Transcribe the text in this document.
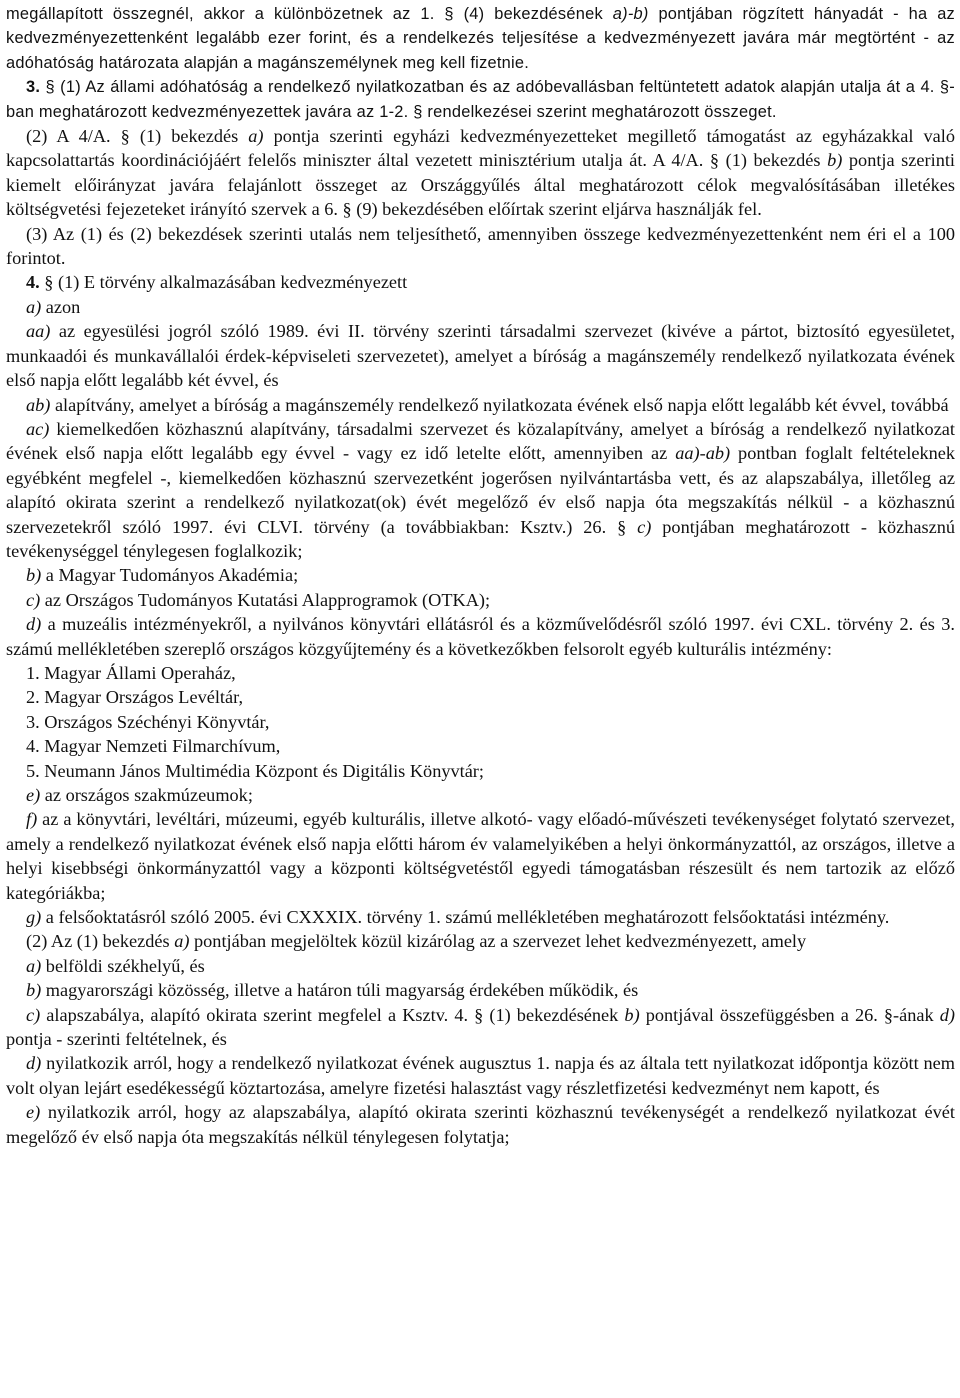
megállapított összegnél, akkor a különbözetnek az 1. § (4) bekezdésének a)-b) pontjában rögzített hányadát - ha az kedvezményezettenként legalább ezer forint, és a rendelkezés teljesítése a kedvezményezett javára már megtörtént - az adóhatóság határozata alapján a magánszemélynek meg kell fizetnie.

3. § (1) Az állami adóhatóság a rendelkező nyilatkozatban és az adóbevallásban feltüntetett adatok alapján utalja át a 4. §-ban meghatározott kedvezményezettek javára az 1-2. § rendelkezései szerint meghatározott összeget.

(2) A 4/A. § (1) bekezdés a) pontja szerinti egyházi kedvezményezetteket megillető támogatást az egyházakkal való kapcsolattartás koordinációjáért felelős miniszter által vezetett minisztérium utalja át. A 4/A. § (1) bekezdés b) pontja szerinti kiemelt előirányzat javára felajánlott összeget az Országgyűlés által meghatározott célok megvalósításában illetékes költségvetési fejezeteket irányító szervek a 6. § (9) bekezdésében előírtak szerint eljárva használják fel.

(3) Az (1) és (2) bekezdések szerinti utalás nem teljesíthető, amennyiben összege kedvezményezettenként nem éri el a 100 forintot.

4. § (1) E törvény alkalmazásában kedvezményezett

a) azon

aa) az egyesülési jogról szóló 1989. évi II. törvény szerinti társadalmi szervezet (kivéve a pártot, biztosító egyesületet, munkaadói és munkavállalói érdek-képviseleti szervezetet), amelyet a bíróság a magánszemély rendelkező nyilatkozata évének első napja előtt legalább két évvel, és

ab) alapítvány, amelyet a bíróság a magánszemély rendelkező nyilatkozata évének első napja előtt legalább két évvel, továbbá

ac) kiemelkedően közhasznú alapítvány, társadalmi szervezet és közalapítvány, amelyet a bíróság a rendelkező nyilatkozat évének első napja előtt legalább egy évvel - vagy ez idő letelte előtt, amennyiben az aa)-ab) pontban foglalt feltételeknek egyébként megfelel -, kiemelkedően közhasznú szervezetként jogerősen nyilvántartásba vett, és az alapszabálya, illetőleg az alapító okirata szerint a rendelkező nyilatkozat(ok) évét megelőző év első napja óta megszakítás nélkül - a közhasznú szervezetekről szóló 1997. évi CLVI. törvény (a továbbiakban: Ksztv.) 26. § c) pontjában meghatározott - közhasznú tevékenységgel ténylegesen foglalkozik;

b) a Magyar Tudományos Akadémia;

c) az Országos Tudományos Kutatási Alapprogramok (OTKA);

d) a muzeális intézményekről, a nyilvános könyvtári ellátásról és a közművelődésről szóló 1997. évi CXL. törvény 2. és 3. számú mellékletében szereplő országos közgyűjtemény és a következőkben felsorolt egyéb kulturális intézmény:

1. Magyar Állami Operaház,

2. Magyar Országos Levéltár,

3. Országos Széchényi Könyvtár,

4. Magyar Nemzeti Filmarchívum,

5. Neumann János Multimédia Központ és Digitális Könyvtár;

e) az országos szakmúzeumok;

f) az a könyvtári, levéltári, múzeumi, egyéb kulturális, illetve alkotó- vagy előadó-művészeti tevékenységet folytató szervezet, amely a rendelkező nyilatkozat évének első napja előtti három év valamelyikében a helyi önkormányzattól, az országos, illetve a helyi kisebbségi önkormányzattól vagy a központi költségvetéstől egyedi támogatásban részesült és nem tartozik az előző kategóriákba;

g) a felsőoktatásról szóló 2005. évi CXXXIX. törvény 1. számú mellékletében meghatározott felsőoktatási intézmény.

(2) Az (1) bekezdés a) pontjában megjelöltek közül kizárólag az a szervezet lehet kedvezményezett, amely

a) belföldi székhelyű, és

b) magyarországi közösség, illetve a határon túli magyarság érdekében működik, és

c) alapszabálya, alapító okirata szerint megfelel a Ksztv. 4. § (1) bekezdésének b) pontjával összefüggésben a 26. §-ának d) pontja - szerinti feltételnek, és

d) nyilatkozik arról, hogy a rendelkező nyilatkozat évének augusztus 1. napja és az általa tett nyilatkozat időpontja között nem volt olyan lejárt esedékességű köztartozása, amelyre fizetési halasztást vagy részletfizetési kedvezményt nem kapott, és

e) nyilatkozik arról, hogy az alapszabálya, alapító okirata szerinti közhasznú tevékenységét a rendelkező nyilatkozat évét megelőző év első napja óta megszakítás nélkül ténylegesen folytatja;
